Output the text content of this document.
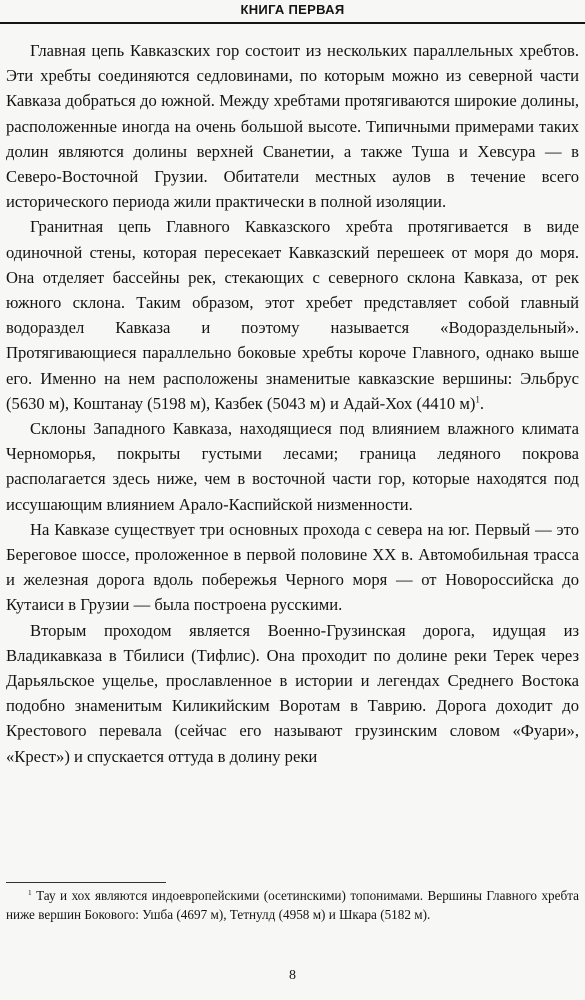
КНИГА ПЕРВАЯ

Главная цепь Кавказских гор состоит из нескольких параллельных хребтов. Эти хребты соединяются седловинами, по которым можно из северной части Кавказа добраться до южной. Между хребтами протягиваются широкие долины, расположенные иногда на очень большой высоте. Типичными примерами таких долин являются долины верхней Сванетии, а также Туша и Хевсура — в Северо-Восточной Грузии. Обитатели местных аулов в течение всего исторического периода жили практически в полной изоляции.

Гранитная цепь Главного Кавказского хребта протягивается в виде одиночной стены, которая пересекает Кавказский перешеек от моря до моря. Она отделяет бассейны рек, стекающих с северного склона Кавказа, от рек южного склона. Таким образом, этот хребет представляет собой главный водораздел Кавказа и поэтому называется «Водораздельный». Протягивающиеся параллельно боковые хребты короче Главного, однако выше его. Именно на нем расположены знаменитые кавказские вершины: Эльбрус (5630 м), Коштанау (5198 м), Казбек (5043 м) и Адай-Хох (4410 м)$^1$.

Склоны Западного Кавказа, находящиеся под влиянием влажного климата Черноморья, покрыты густыми лесами; граница ледяного покрова располагается здесь ниже, чем в восточной части гор, которые находятся под иссушающим влиянием Арало-Каспийской низменности.

На Кавказе существует три основных прохода с севера на юг. Первый — это Береговое шоссе, проложенное в первой половине XX в. Автомобильная трасса и железная дорога вдоль побережья Черного моря — от Новороссийска до Кутаиси в Грузии — была построена русскими.

Вторым проходом является Военно-Грузинская дорога, идущая из Владикавказа в Тбилиси (Тифлис). Она проходит по долине реки Терек через Дарьяльское ущелье, прославленное в истории и легендах Среднего Востока подобно знаменитым Киликийским Воротам в Таврию. Дорога доходит до Крестового перевала (сейчас его называют грузинским словом «Фуари», «Крест») и спускается оттуда в долину реки

$^1$ Тау и хох являются индоевропейскими (осетинскими) топонимами. Вершины Главного хребта ниже вершин Бокового: Ушба (4697 м), Тетнулд (4958 м) и Шкара (5182 м).

8
